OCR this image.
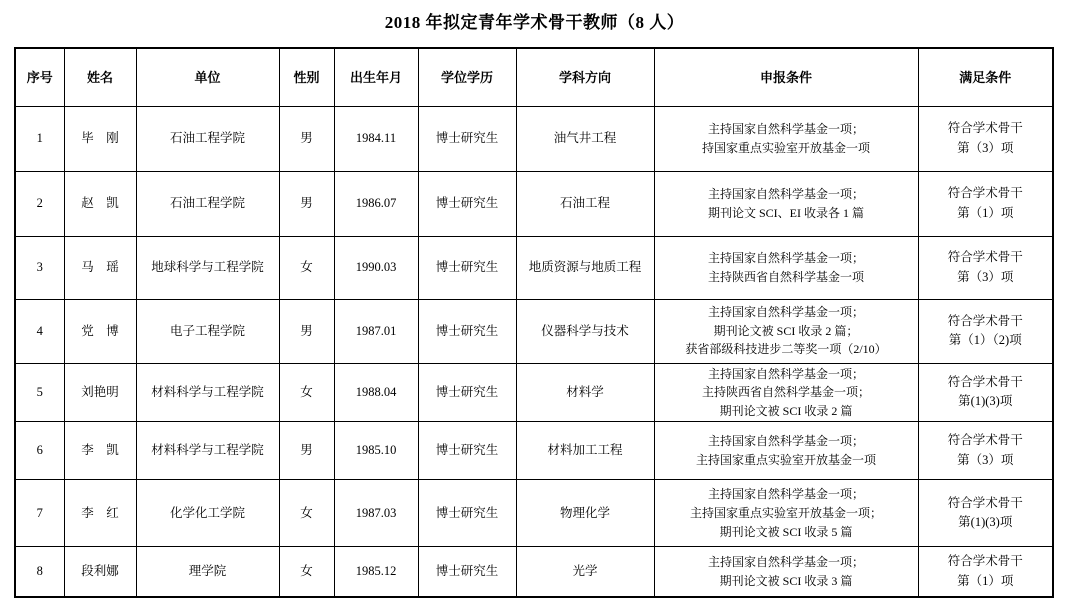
2018 年拟定青年学术骨干教师（8 人）
序号	姓名	单位	性别	出生年月	学位学历	学科方向	申报条件	满足条件
1	毕　刚	石油工程学院	男	1984.11	博士研究生	油气井工程	主持国家自然科学基金一项；
持国家重点实验室开放基金一项	符合学术骨干
第（3）项

2	赵　凯	石油工程学院	男	1986.07	博士研究生	石油工程	主持国家自然科学基金一项；
期刊论文 SCI、EI 收录各 1 篇	符合学术骨干
第（1）项

3	马　瑶	地球科学与工程学院	女	1990.03	博士研究生	地质资源与地质工程	主持国家自然科学基金一项；
主持陕西省自然科学基金一项	符合学术骨干
第（3）项

4	党　博	电子工程学院	男	1987.01	博士研究生	仪器科学与技术	主持国家自然科学基金一项；
期刊论文被 SCI 收录 2 篇；
获省部级科技进步二等奖一项（2/10）	符合学术骨干
第（1）（2)项

5	刘艳明	材料科学与工程学院	女	1988.04	博士研究生	材料学	主持国家自然科学基金一项；
主持陕西省自然科学基金一项；
期刊论文被 SCI 收录 2 篇	符合学术骨干
第(1)(3)项

6	李　凯	材料科学与工程学院	男	1985.10	博士研究生	材料加工工程	主持国家自然科学基金一项；
主持国家重点实验室开放基金一项	符合学术骨干
第（3）项

7	李　红	化学化工学院	女	1987.03	博士研究生	物理化学	主持国家自然科学基金一项；
主持国家重点实验室开放基金一项；
期刊论文被 SCI 收录 5 篇	符合学术骨干
第(1)(3)项

8	段利娜	理学院	女	1985.12	博士研究生	光学	主持国家自然科学基金一项；
期刊论文被 SCI 收录 3 篇	符合学术骨干
第（1）项
